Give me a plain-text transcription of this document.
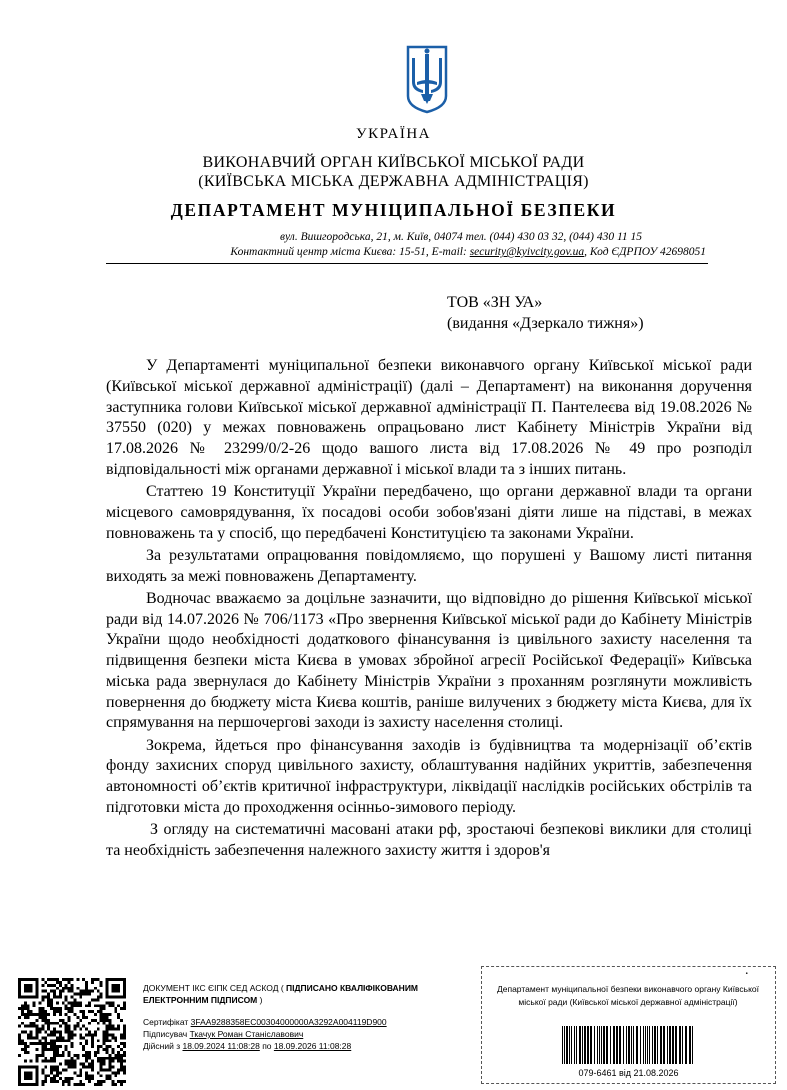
УКРАЇНА
ВИКОНАВЧИЙ ОРГАН КИЇВСЬКОЇ МІСЬКОЇ РАДИ
(КИЇВСЬКА МІСЬКА ДЕРЖАВНА АДМІНІСТРАЦІЯ)
ДЕПАРТАМЕНТ МУНІЦИПАЛЬНОЇ БЕЗПЕКИ
вул. Вишгородська, 21, м. Київ, 04074 тел. (044) 430 03 32, (044) 430 11 15
Контактний центр міста Києва: 15-51, E-mail: security@kyivcity.gov.ua, Код ЄДРПОУ 42698051
ТОВ «ЗН УА»
(видання «Дзеркало тижня»)

У Департаменті муніципальної безпеки виконавчого органу Київської міської ради (Київської міської державної адміністрації) (далі – Департамент) на виконання доручення заступника голови Київської міської державної адміністрації П. Пантелеєва від 19.08.2026 № 37550 (020) у межах повноважень опрацьовано лист Кабінету Міністрів України від 17.08.2026 № 23299/0/2-26 щодо вашого листа від 17.08.2026 № 49 про розподіл відповідальності між органами державної і міської влади та з інших питань.

Статтею 19 Конституції України передбачено, що органи державної влади та органи місцевого самоврядування, їх посадові особи зобов'язані діяти лише на підставі, в межах повноважень та у спосіб, що передбачені Конституцією та законами України.

За результатами опрацювання повідомляємо, що порушені у Вашому листі питання виходять за межі повноважень Департаменту.

Водночас вважаємо за доцільне зазначити, що відповідно до рішення Київської міської ради від 14.07.2026 № 706/1173 «Про звернення Київської міської ради до Кабінету Міністрів України щодо необхідності додаткового фінансування із цивільного захисту населення та підвищення безпеки міста Києва в умовах збройної агресії Російської Федерації» Київська міська рада звернулася до Кабінету Міністрів України з проханням розглянути можливість повернення до бюджету міста Києва коштів, раніше вилучених з бюджету міста Києва, для їх спрямування на першочергові заходи із захисту населення столиці.

Зокрема, йдеться про фінансування заходів із будівництва та модернізації об’єктів фонду захисних споруд цивільного захисту, облаштування надійних укриттів, забезпечення автономності об’єктів критичної інфраструктури, ліквідації наслідків російських обстрілів та підготовки міста до проходження осінньо-зимового періоду.

З огляду на систематичні масовані атаки рф, зростаючі безпекові виклики для столиці та необхідність забезпечення належного захисту життя і здоров'я

.
ДОКУМЕНТ ІКС ЄІПК СЕД АСКОД ( ПІДПИСАНО КВАЛІФІКОВАНИМ ЕЛЕКТРОННИМ ПІДПИСОМ )
Сертифікат 3FAA9288358EC00304000000A3292A004119D900
Підписувач Ткачук Роман Станіславович
Дійсний з 18.09.2024 11:08:28 по 18.09.2026 11:08:28
Департамент муніципальної безпеки виконавчого органу Київської міської ради (Київської міської державної адміністрації)
079-6461 від 21.08.2026
